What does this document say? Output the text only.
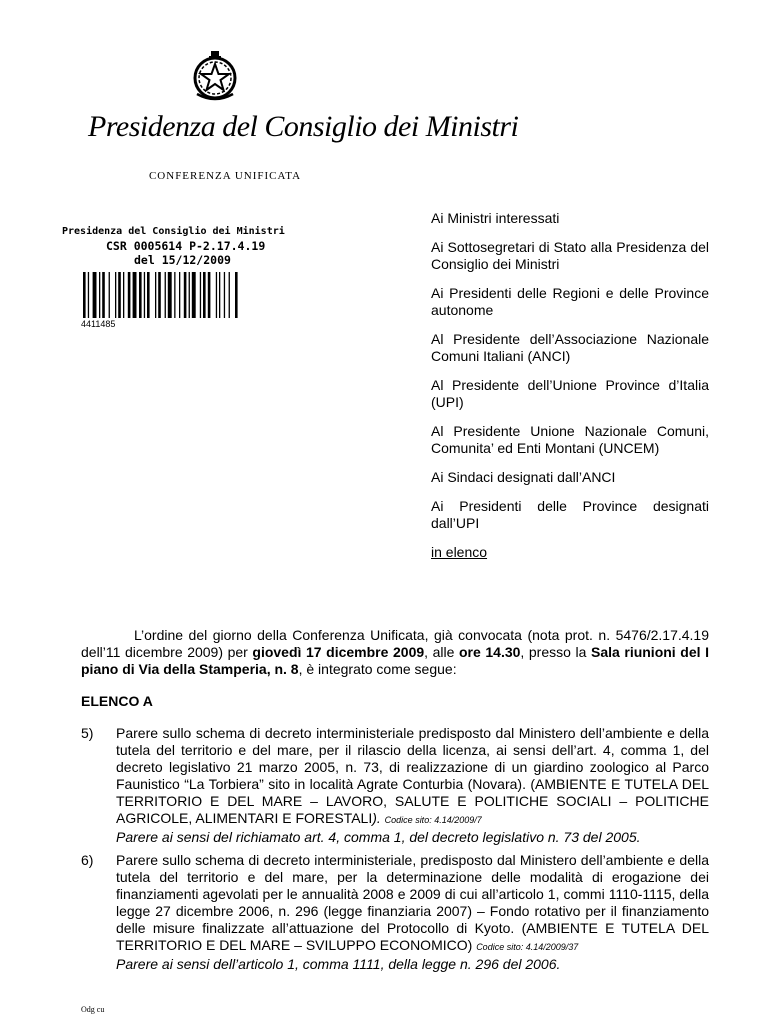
Presidenza del Consiglio dei Ministri
CONFERENZA UNIFICATA
Presidenza del Consiglio dei Ministri
CSR 0005614 P-2.17.4.19
del 15/12/2009
4411485

Ai Ministri interessati

Ai Sottosegretari di Stato alla Presidenza del Consiglio dei Ministri

Ai Presidenti delle Regioni e delle Province autonome

Al Presidente dell’Associazione Nazionale Comuni Italiani (ANCI)

Al Presidente dell’Unione Province d’Italia (UPI)

Al Presidente Unione Nazionale Comuni, Comunita’ ed Enti Montani (UNCEM)

Ai Sindaci designati dall’ANCI

Ai Presidenti delle Province designati dall’UPI

in elenco

L’ordine del giorno della Conferenza Unificata, già convocata (nota prot. n. 5476/2.17.4.19 dell’11 dicembre 2009) per giovedì 17 dicembre 2009, alle ore 14.30, presso la Sala riunioni del I piano di Via della Stamperia, n. 8, è integrato come segue:
ELENCO A
5) Parere sullo schema di decreto interministeriale predisposto dal Ministero dell’ambiente e della tutela del territorio e del mare, per il rilascio della licenza, ai sensi dell’art. 4, comma 1, del decreto legislativo 21 marzo 2005, n. 73, di realizzazione di un giardino zoologico al Parco Faunistico “La Torbiera” sito in località Agrate Conturbia (Novara). (AMBIENTE E TUTELA DEL TERRITORIO E DEL MARE – LAVORO, SALUTE E POLITICHE SOCIALI – POLITICHE AGRICOLE, ALIMENTARI E FORESTALI). Codice sito: 4.14/2009/7
Parere ai sensi del richiamato art. 4, comma 1, del decreto legislativo n. 73 del 2005.
6) Parere sullo schema di decreto interministeriale, predisposto dal Ministero dell’ambiente e della tutela del territorio e del mare, per la determinazione delle modalità di erogazione dei finanziamenti agevolati per le annualità 2008 e 2009 di cui all’articolo 1, commi 1110-1115, della legge 27 dicembre 2006, n. 296 (legge finanziaria 2007) – Fondo rotativo per il finanziamento delle misure finalizzate all’attuazione del Protocollo di Kyoto. (AMBIENTE E TUTELA DEL TERRITORIO E DEL MARE – SVILUPPO ECONOMICO) Codice sito: 4.14/2009/37
Parere ai sensi dell’articolo 1, comma 1111, della legge n. 296 del 2006.
Odg cu
